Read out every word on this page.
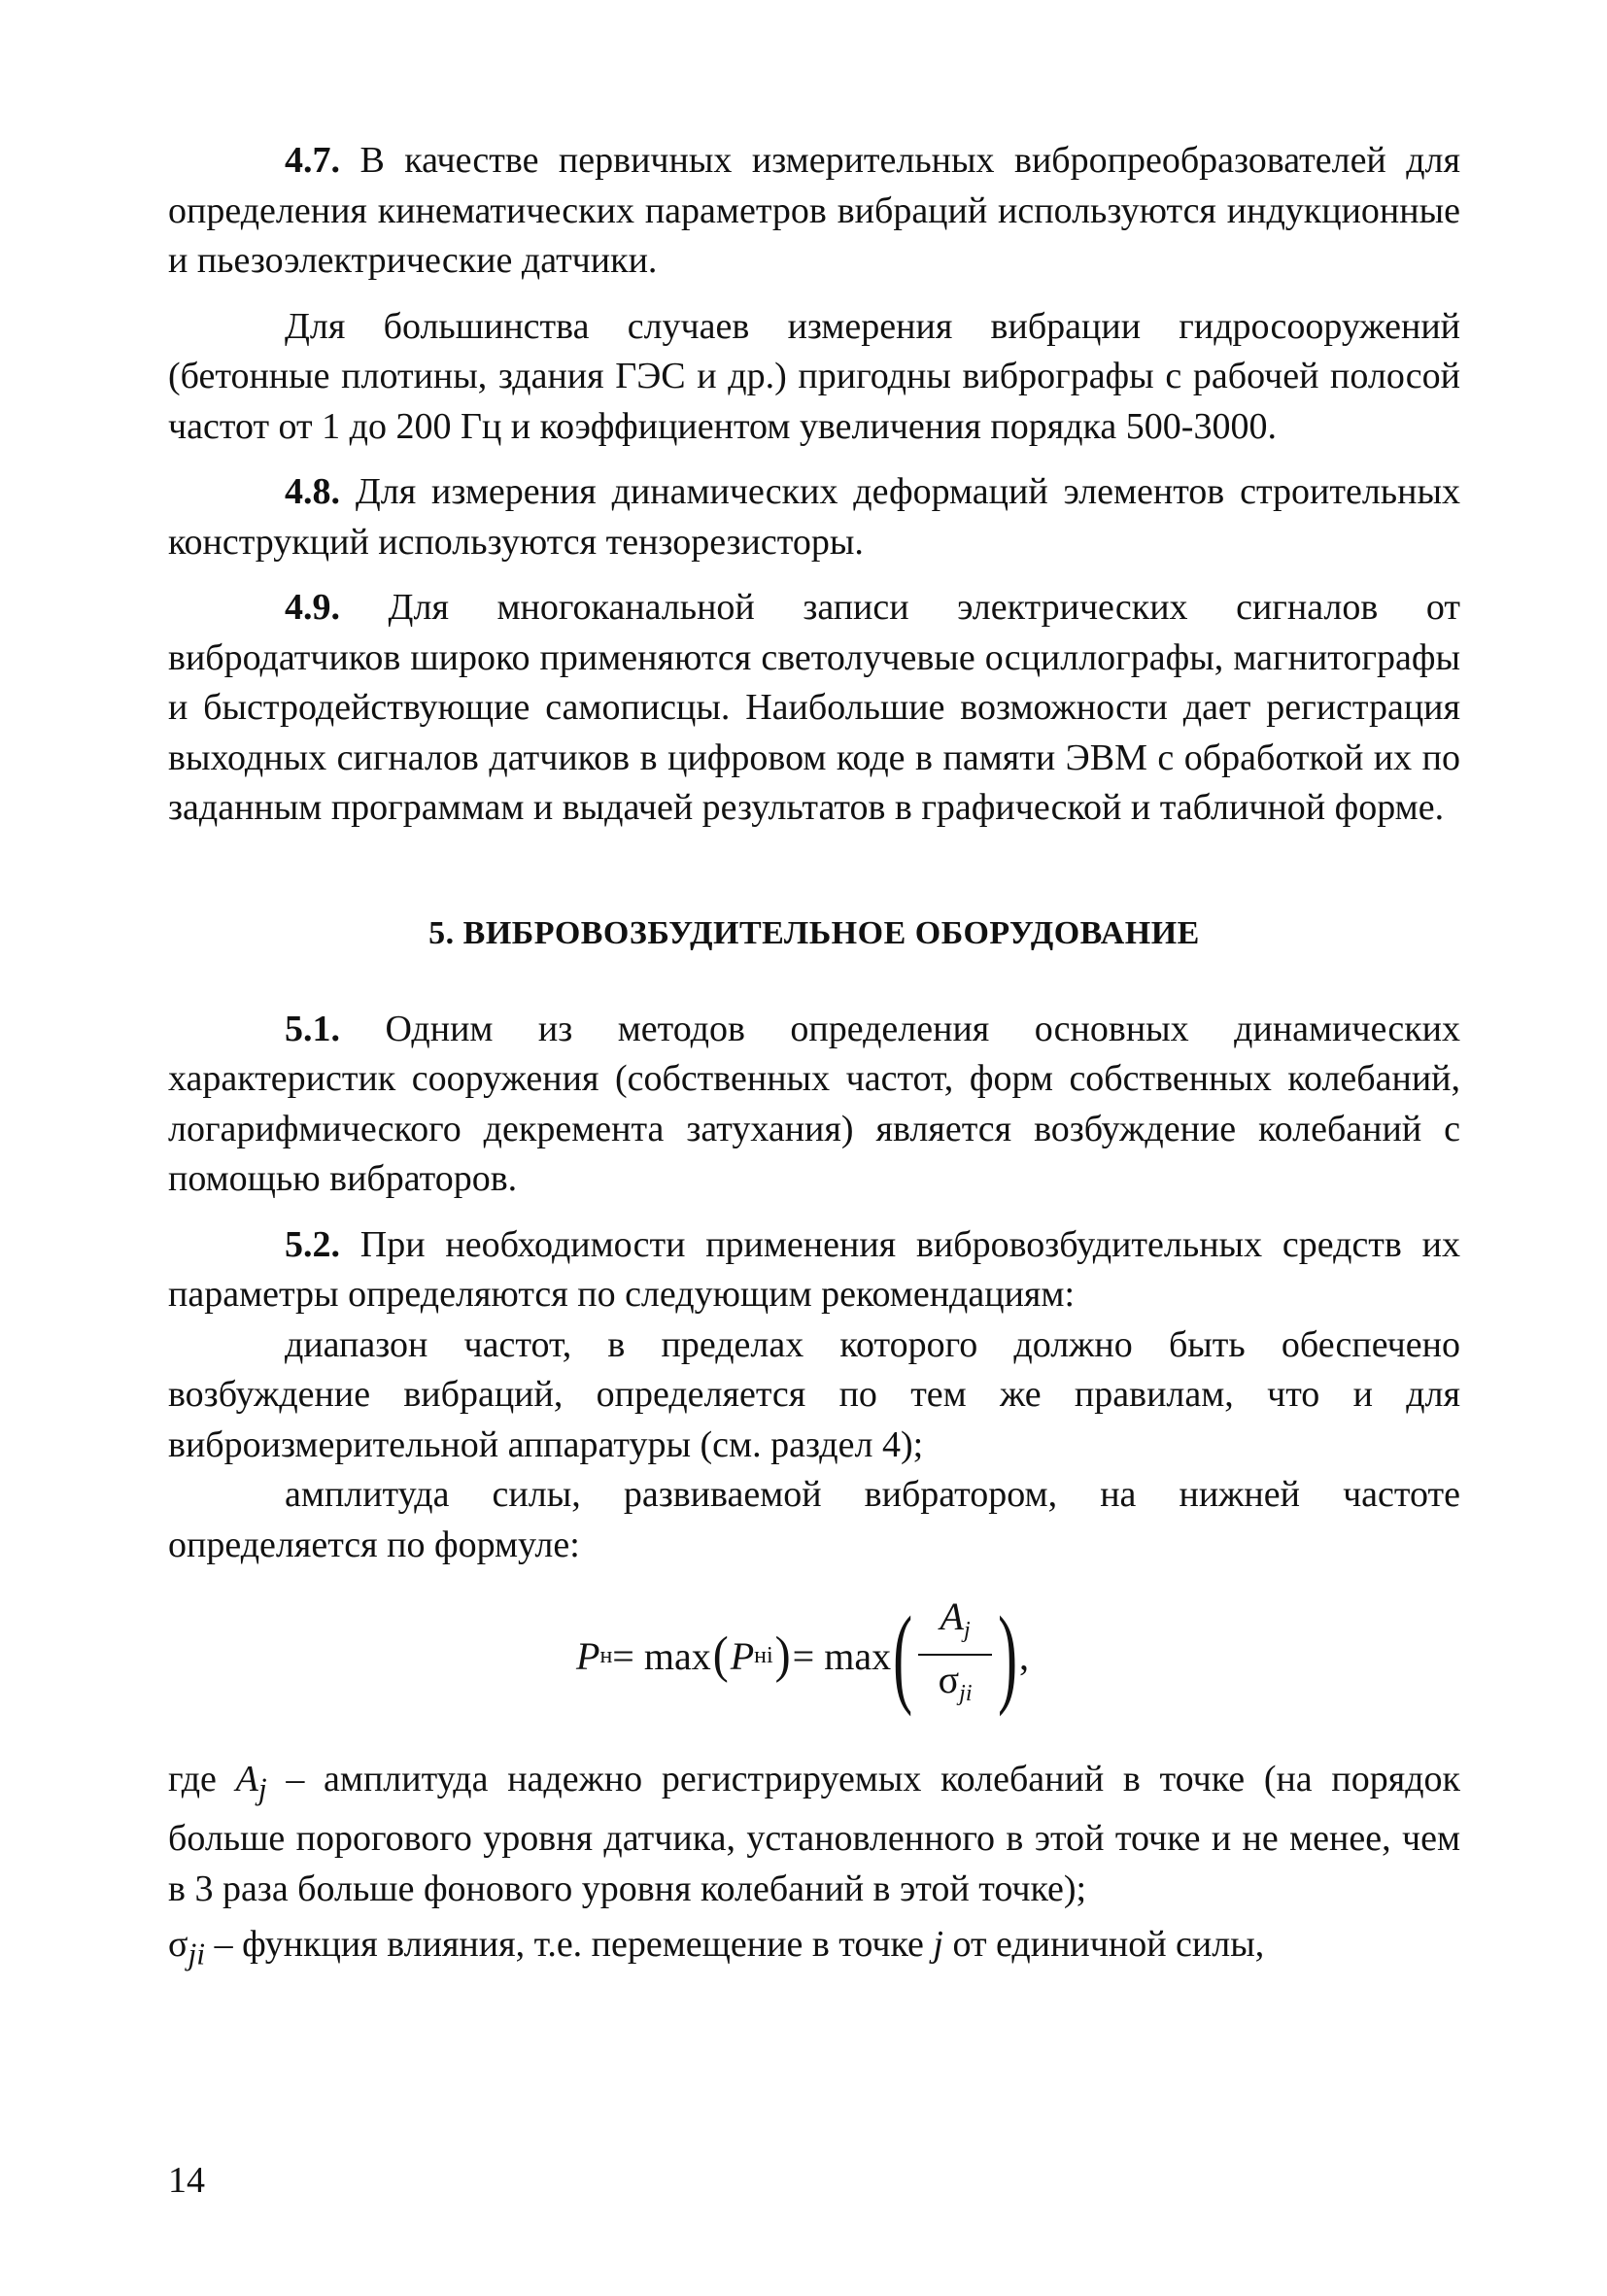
4.7. В качестве первичных измерительных вибропреобразователей для определения кинематических параметров вибраций используются индукционные и пьезоэлектрические датчики.

Для большинства случаев измерения вибрации гидросооружений (бетонные плотины, здания ГЭС и др.) пригодны вибрографы с рабочей полосой частот от 1 до 200 Гц и коэффициентом увеличения порядка 500-3000.

4.8. Для измерения динамических деформаций элементов строительных конструкций используются тензорезисторы.

4.9. Для многоканальной записи электрических сигналов от вибродатчиков широко применяются светолучевые осциллографы, магнитографы и быстродействующие самописцы. Наибольшие возможности дает регистрация выходных сигналов датчиков в цифровом коде в памяти ЭВМ с обработкой их по заданным программам и выдачей результатов в графической и табличной форме.

5. ВИБРОВОЗБУДИТЕЛЬНОЕ ОБОРУДОВАНИЕ

5.1. Одним из методов определения основных динамических характеристик сооружения (собственных частот, форм собственных колебаний, логарифмического декремента затухания) является возбуждение колебаний с помощью вибраторов.

5.2. При необходимости применения вибровозбудительных средств их параметры определяются по следующим рекомендациям:

диапазон частот, в пределах которого должно быть обеспечено возбуждение вибраций, определяется по тем же правилам, что и для виброизмерительной аппаратуры (см. раздел 4);

амплитуда силы, развиваемой вибратором, на нижней частоте определяется по формуле:

P н = max ( P нi ) = max ( $\frac{A_j}{\sigma_{ji}}$ ) ,

где $A_j$ – амплитуда надежно регистрируемых колебаний в точке (на порядок больше порогового уровня датчика, установленного в этой точке и не менее, чем в 3 раза больше фонового уровня колебаний в этой точке);

$\sigma_{ji}$ – функция влияния, т.е. перемещение в точке j от единичной силы,

14
